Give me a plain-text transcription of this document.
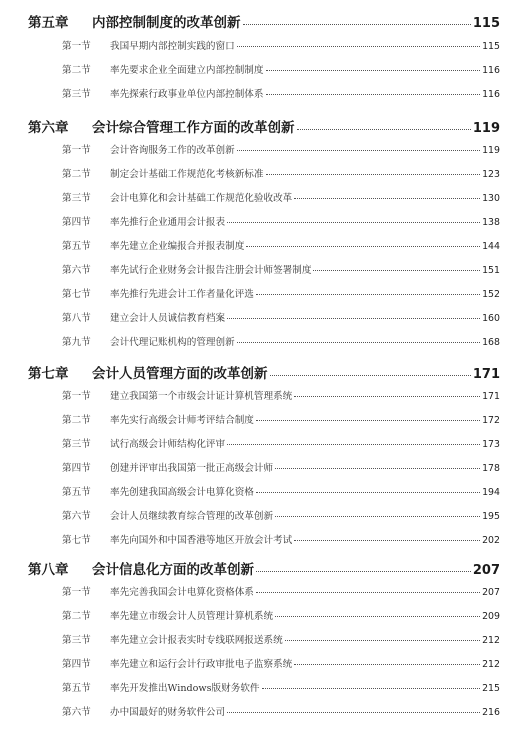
第五章	内部控制制度的改革创新	115
第一节	我国早期内部控制实践的窗口	115
第二节	率先要求企业全面建立内部控制制度	116
第三节	率先探索行政事业单位内部控制体系	116
第六章	会计综合管理工作方面的改革创新	119
第一节	会计咨询服务工作的改革创新	119
第二节	制定会计基础工作规范化考核新标准	123
第三节	会计电算化和会计基础工作规范化验收改革	130
第四节	率先推行企业通用会计报表	138
第五节	率先建立企业编报合并报表制度	144
第六节	率先试行企业财务会计报告注册会计师签署制度	151
第七节	率先推行先进会计工作者量化评选	152
第八节	建立会计人员诚信教育档案	160
第九节	会计代理记账机构的管理创新	168
第七章	会计人员管理方面的改革创新	171
第一节	建立我国第一个市级会计证计算机管理系统	171
第二节	率先实行高级会计师考评结合制度	172
第三节	试行高级会计师结构化评审	173
第四节	创建并评审出我国第一批正高级会计师	178
第五节	率先创建我国高级会计电算化资格	194
第六节	会计人员继续教育综合管理的改革创新	195
第七节	率先向国外和中国香港等地区开放会计考试	202
第八章	会计信息化方面的改革创新	207
第一节	率先完善我国会计电算化资格体系	207
第二节	率先建立市级会计人员管理计算机系统	209
第三节	率先建立会计报表实时专线联网报送系统	212
第四节	率先建立和运行会计行政审批电子监察系统	212
第五节	率先开发推出Windows版财务软件	215
第六节	办中国最好的财务软件公司	216
